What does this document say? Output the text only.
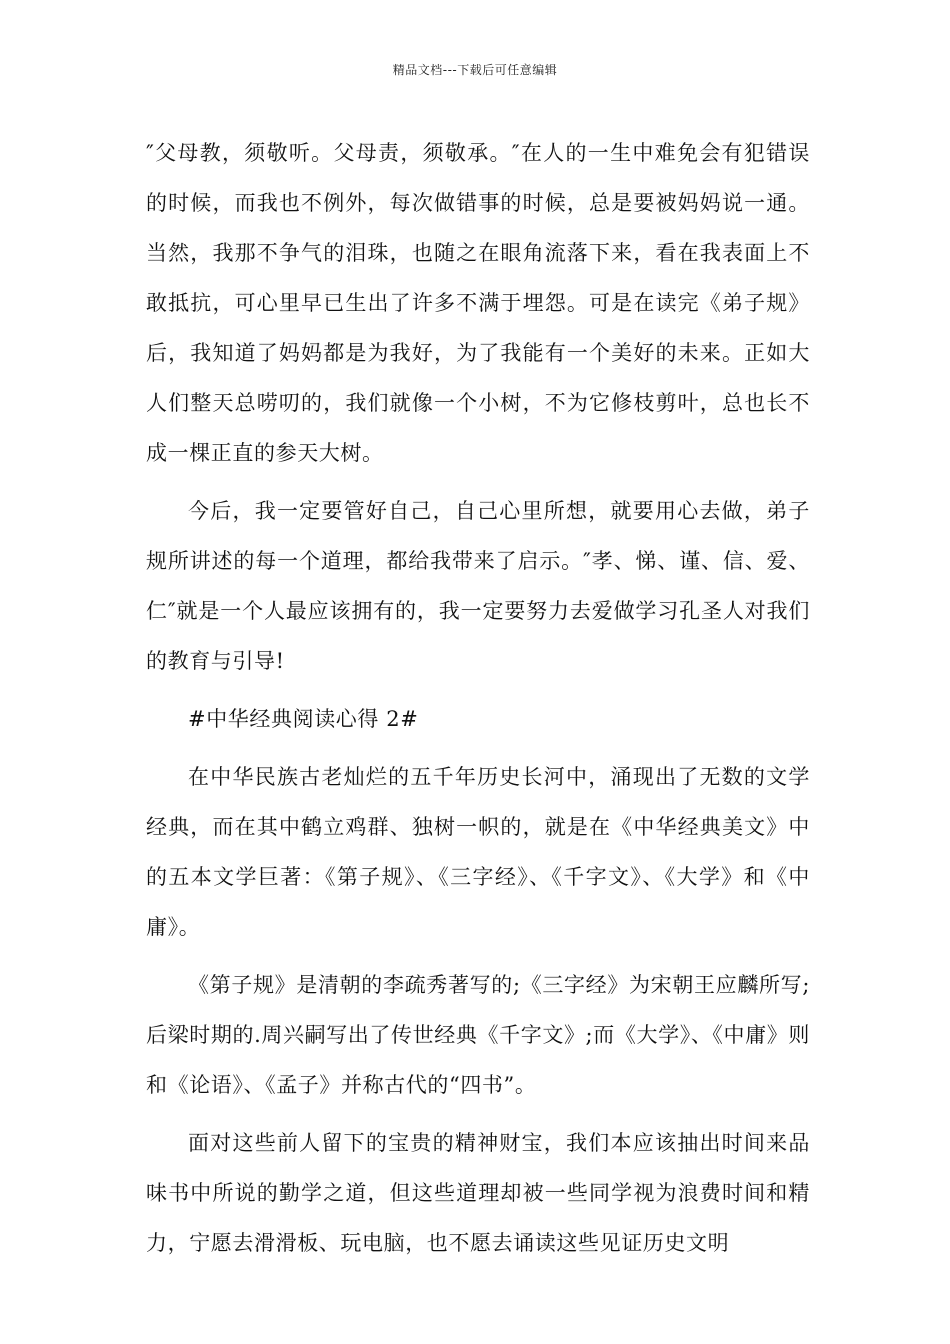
精品文档---下载后可任意编辑

″父母教，须敬听。父母责，须敬承。″在人的一生中难免会有犯错误的时候，而我也不例外，每次做错事的时候，总是要被妈妈说一通。当然，我那不争气的泪珠，也随之在眼角流落下来，看在我表面上不敢抵抗，可心里早已生出了许多不满于埋怨。可是在读完《弟子规》后，我知道了妈妈都是为我好，为了我能有一个美好的未来。正如大人们整天总唠叨的，我们就像一个小树，不为它修枝剪叶，总也长不成一棵正直的参天大树。

今后，我一定要管好自己，自己心里所想，就要用心去做，弟子规所讲述的每一个道理，都给我带来了启示。″孝、悌、谨、信、爱、仁″就是一个人最应该拥有的，我一定要努力去爱做学习孔圣人对我们的教育与引导!

#中华经典阅读心得 2#

在中华民族古老灿烂的五千年历史长河中，涌现出了无数的文学经典，而在其中鹤立鸡群、独树一帜的，就是在《中华经典美文》中的五本文学巨著：《第子规》、《三字经》、《千字文》、《大学》和《中庸》。

《第子规》是清朝的李疏秀著写的;《三字经》为宋朝王应麟所写;后梁时期的.周兴嗣写出了传世经典《千字文》;而《大学》、《中庸》则和《论语》、《孟子》并称古代的“四书”。

面对这些前人留下的宝贵的精神财宝，我们本应该抽出时间来品味书中所说的勤学之道，但这些道理却被一些同学视为浪费时间和精力，宁愿去滑滑板、玩电脑，也不愿去诵读这些见证历史文明
